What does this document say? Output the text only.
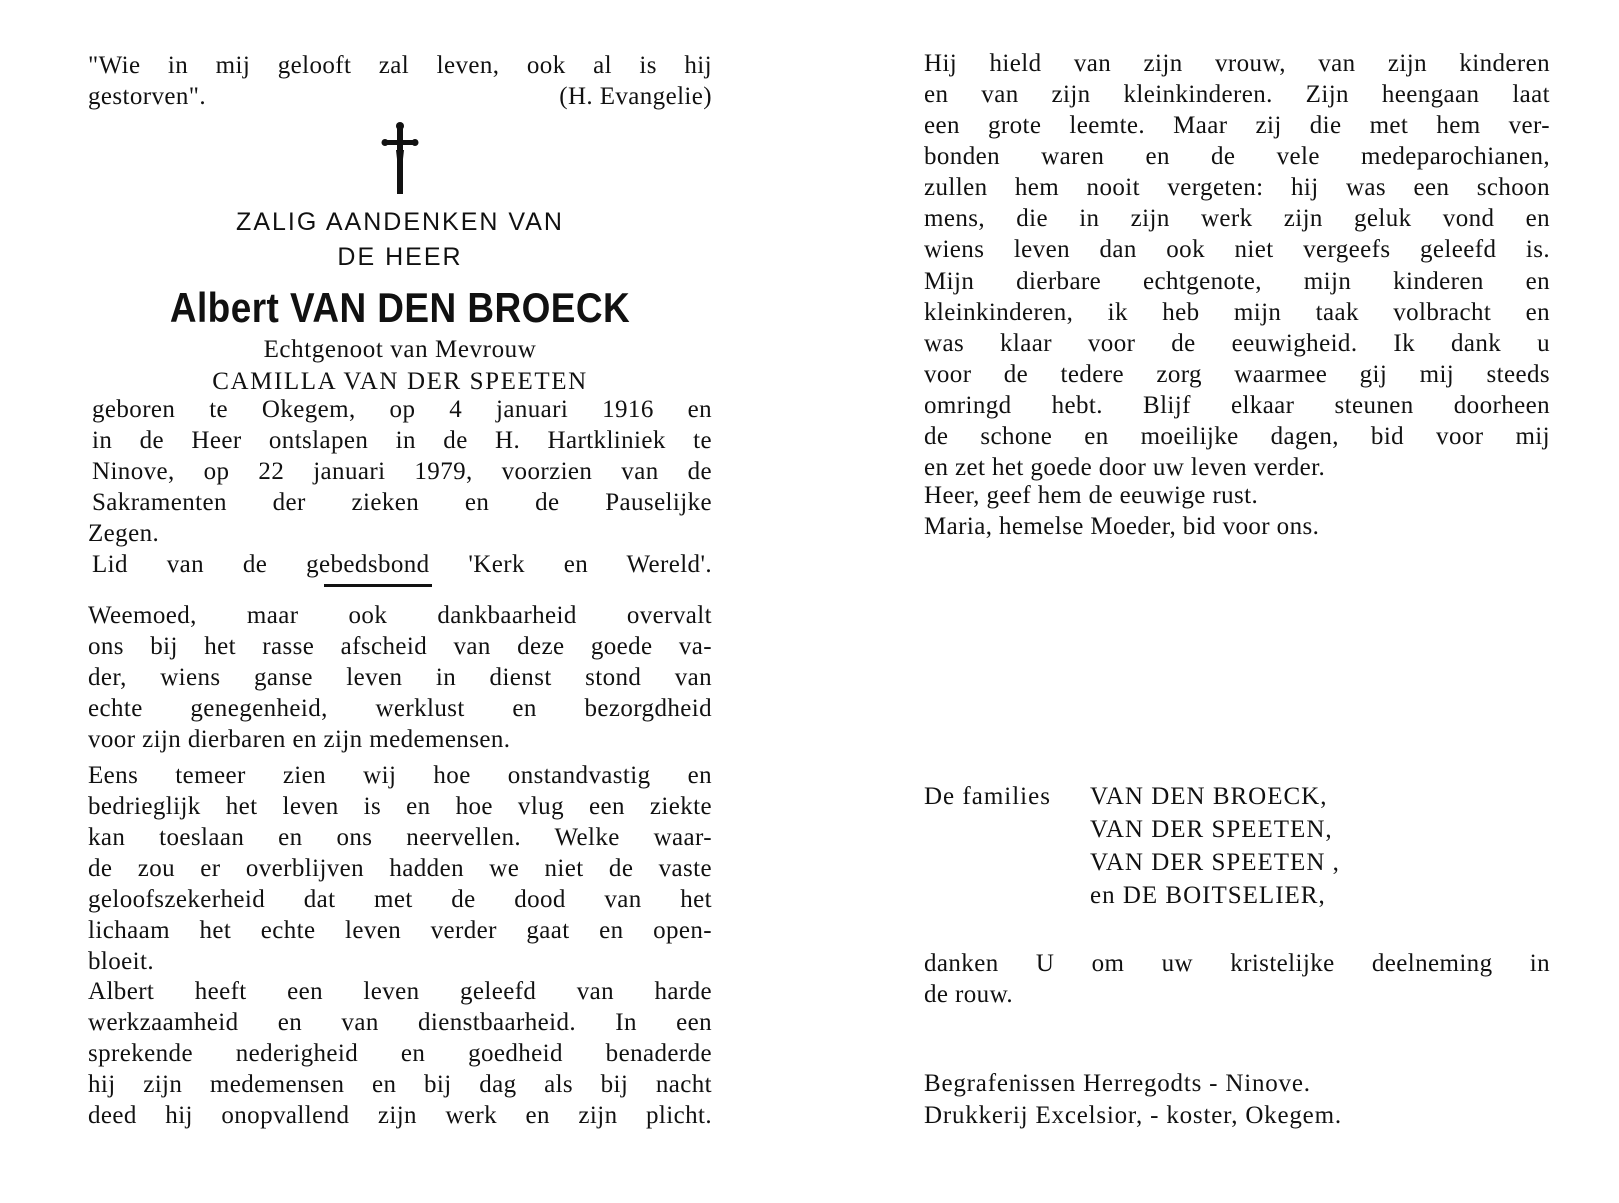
"Wie in mij gelooft zal leven, ook al is hij

gestorven".	(H. Evangelie)
ZALIG AANDENKEN VAN
DE HEER
Albert VAN DEN BROECK
Echtgenoot van Mevrouw
CAMILLA VAN DER SPEETEN

geboren te Okegem, op 4 januari 1916 en

in de Heer ontslapen in de H. Hartkliniek te

Ninove, op 22 januari 1979, voorzien van de

Sakramenten der zieken en de Pauselijke

Zegen.

Lid van de gebedsbond 'Kerk en Wereld'.

Weemoed, maar ook dankbaarheid overvalt

ons bij het rasse afscheid van deze goede va-

der, wiens ganse leven in dienst stond van

echte genegenheid, werklust en bezorgdheid

voor zijn dierbaren en zijn medemensen.

Eens temeer zien wij hoe onstandvastig en

bedrieglijk het leven is en hoe vlug een ziekte

kan toeslaan en ons neervellen. Welke waar-

de zou er overblijven hadden we niet de vaste

geloofszekerheid dat met de dood van het

lichaam het echte leven verder gaat en open-

bloeit.

Albert heeft een leven geleefd van harde

werkzaamheid en van dienstbaarheid. In een

sprekende nederigheid en goedheid benaderde

hij zijn medemensen en bij dag als bij nacht

deed hij onopvallend zijn werk en zijn plicht.

Hij hield van zijn vrouw, van zijn kinderen

en van zijn kleinkinderen. Zijn heengaan laat

een grote leemte. Maar zij die met hem ver-

bonden waren en de vele medeparochianen,

zullen hem nooit vergeten: hij was een schoon

mens, die in zijn werk zijn geluk vond en

wiens leven dan ook niet vergeefs geleefd is.

Mijn dierbare echtgenote, mijn kinderen en

kleinkinderen, ik heb mijn taak volbracht en

was klaar voor de eeuwigheid. Ik dank u

voor de tedere zorg waarmee gij mij steeds

omringd hebt. Blijf elkaar steunen doorheen

de schone en moeilijke dagen, bid voor mij

en zet het goede door uw leven verder.

Heer, geef hem de eeuwige rust.

Maria, hemelse Moeder, bid voor ons.

De families	VAN DEN BROECK,
VAN DER SPEETEN,
VAN DER SPEETEN ,
en DE BOITSELIER,

danken U om uw kristelijke deelneming in

de rouw.

Begrafenissen Herregodts - Ninove.
Drukkerij Excelsior, - koster, Okegem.
